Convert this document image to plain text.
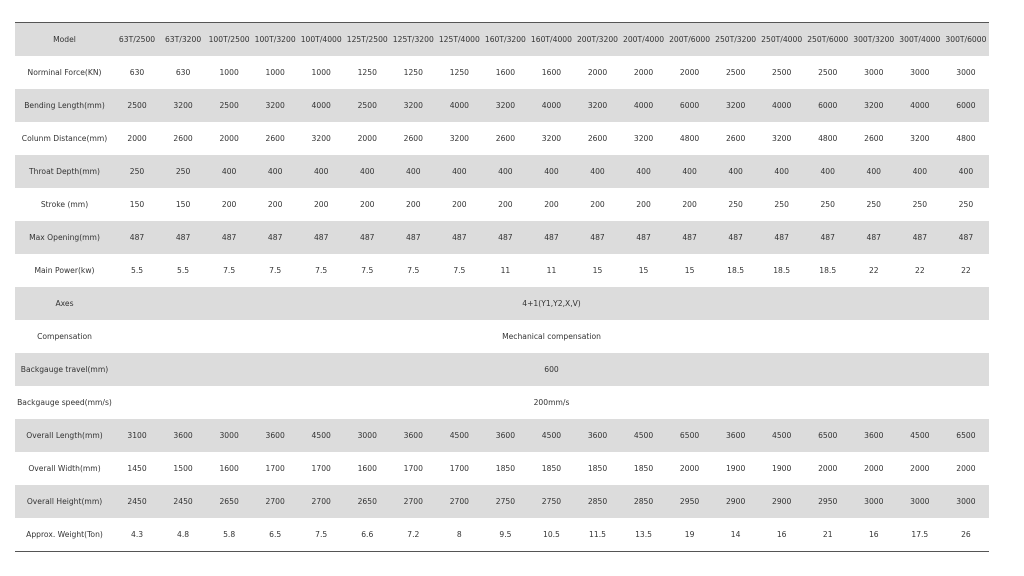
Model	63T/2500	63T/3200	100T/2500	100T/3200	100T/4000	125T/2500	125T/3200	125T/4000	160T/3200	160T/4000	200T/3200	200T/4000	200T/6000	250T/3200	250T/4000	250T/6000	300T/3200	300T/4000	300T/6000
Norminal Force(KN)	630	630	1000	1000	1000	1250	1250	1250	1600	1600	2000	2000	2000	2500	2500	2500	3000	3000	3000
Bending Length(mm)	2500	3200	2500	3200	4000	2500	3200	4000	3200	4000	3200	4000	6000	3200	4000	6000	3200	4000	6000
Colunm Distance(mm)	2000	2600	2000	2600	3200	2000	2600	3200	2600	3200	2600	3200	4800	2600	3200	4800	2600	3200	4800
Throat Depth(mm)	250	250	400	400	400	400	400	400	400	400	400	400	400	400	400	400	400	400	400
Stroke (mm)	150	150	200	200	200	200	200	200	200	200	200	200	200	250	250	250	250	250	250
Max Opening(mm)	487	487	487	487	487	487	487	487	487	487	487	487	487	487	487	487	487	487	487
Main Power(kw)	5.5	5.5	7.5	7.5	7.5	7.5	7.5	7.5	11	11	15	15	15	18.5	18.5	18.5	22	22	22
Axes	4+1(Y1,Y2,X,V)																		
Compensation	Mechanical compensation																		
Backgauge travel(mm)	600																		
Backgauge speed(mm/s)	200mm/s																		
Overall Length(mm)	3100	3600	3000	3600	4500	3000	3600	4500	3600	4500	3600	4500	6500	3600	4500	6500	3600	4500	6500
Overall Width(mm)	1450	1500	1600	1700	1700	1600	1700	1700	1850	1850	1850	1850	2000	1900	1900	2000	2000	2000	2000
Overall Height(mm)	2450	2450	2650	2700	2700	2650	2700	2700	2750	2750	2850	2850	2950	2900	2900	2950	3000	3000	3000
Approx. Weight(Ton)	4.3	4.8	5.8	6.5	7.5	6.6	7.2	8	9.5	10.5	11.5	13.5	19	14	16	21	16	17.5	26
